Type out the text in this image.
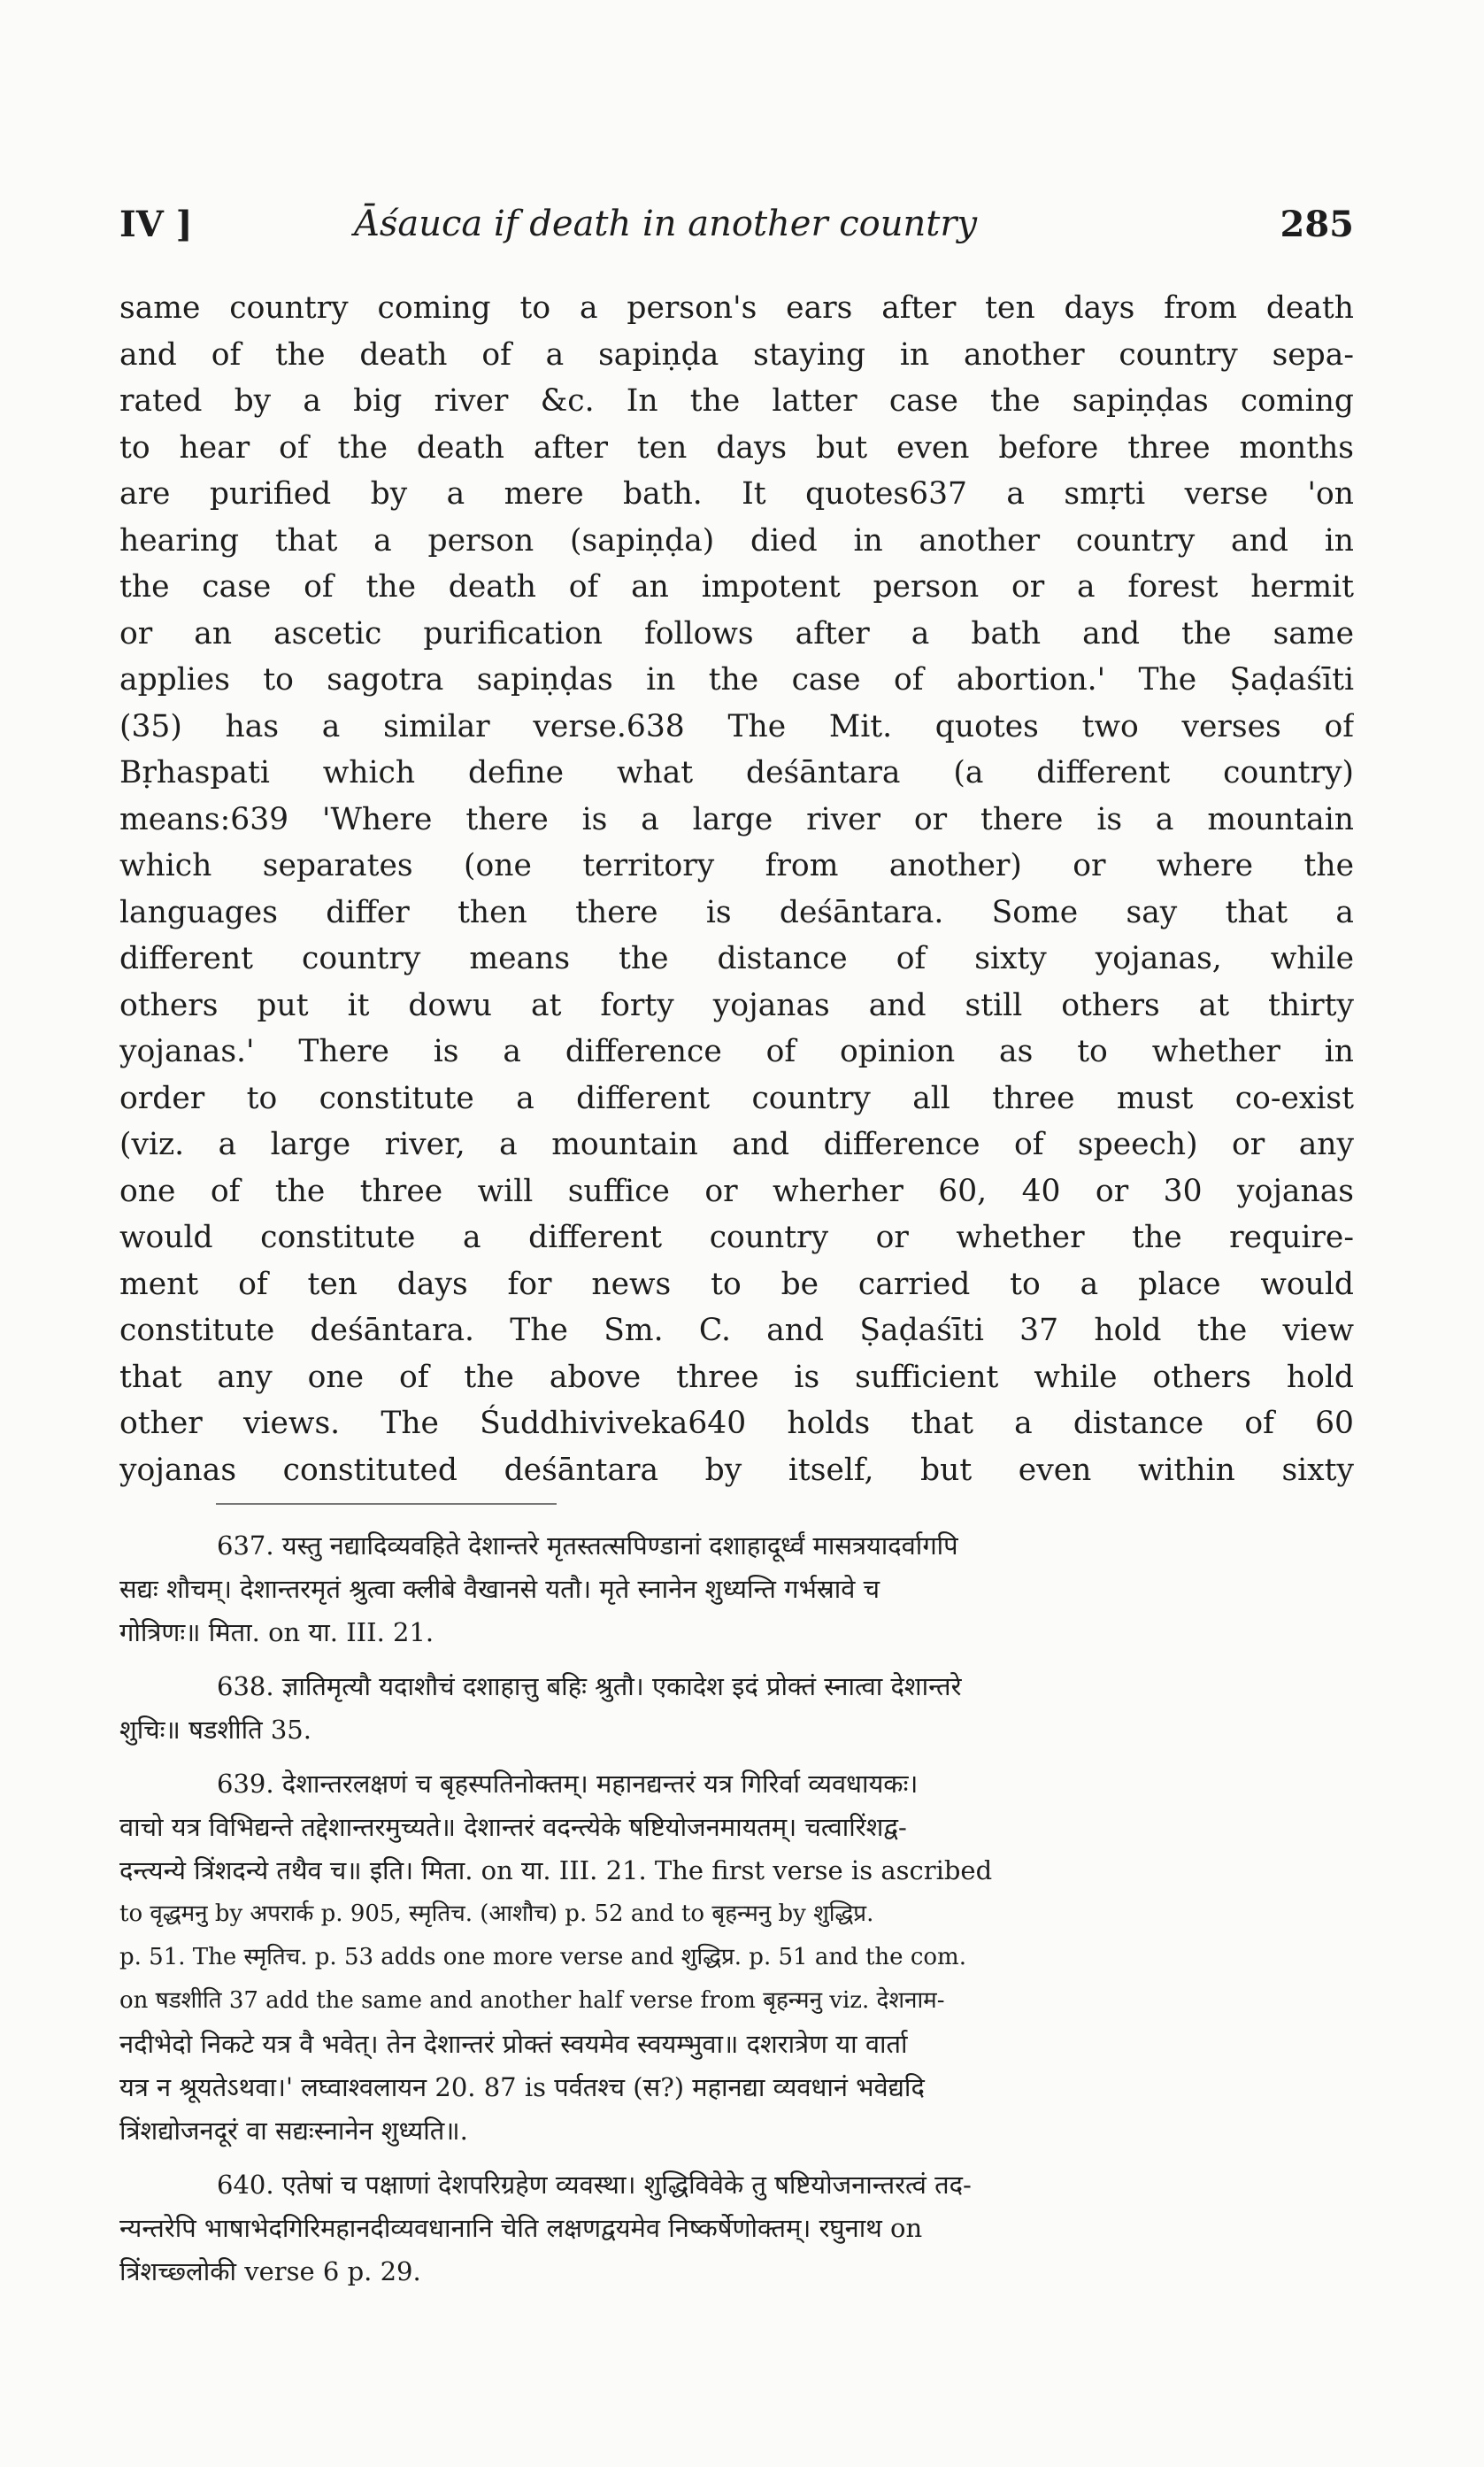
IV ]	Āśauca if death in another country	285
same country coming to a person's ears after ten days from death
and of the death of a sapiṇḍa staying in another country sepa-
rated by a big river &c. In the latter case the sapiṇḍas coming
to hear of the death after ten days but even before three months
are purified by a mere bath. It quotes637 a smṛti verse 'on
hearing that a person (sapiṇḍa) died in another country and in
the case of the death of an impotent person or a forest hermit
or an ascetic purification follows after a bath and the same
applies to sagotra sapiṇḍas in the case of abortion.' The Ṣaḍaśīti
(35) has a similar verse.638 The Mit. quotes two verses of
Bṛhaspati which define what deśāntara (a different country)
means:639 'Where there is a large river or there is a mountain
which separates (one territory from another) or where the
languages differ then there is deśāntara. Some say that a
different country means the distance of sixty yojanas, while
others put it dowu at forty yojanas and still others at thirty
yojanas.' There is a difference of opinion as to whether in
order to constitute a different country all three must co-exist
(viz. a large river, a mountain and difference of speech) or any
one of the three will suffice or wherher 60, 40 or 30 yojanas
would constitute a different country or whether the require-
ment of ten days for news to be carried to a place would
constitute deśāntara. The Sm. C. and Ṣaḍaśīti 37 hold the view
that any one of the above three is sufficient while others hold
other views. The Śuddhiviveka640 holds that a distance of 60
yojanas constituted deśāntara by itself, but even within sixty
637. यस्तु नद्यादिव्यवहिते देशान्तरे मृतस्तत्सपिण्डानां दशाहादूर्ध्वं मासत्रयादर्वागपि
सद्यः शौचम्। देशान्तरमृतं श्रुत्वा क्लीबे वैखानसे यतौ। मृते स्नानेन शुध्यन्ति गर्भस्रावे च
गोत्रिणः॥ मिता. on या. III. 21.
638. ज्ञातिमृत्यौ यदाशौचं दशाहात्तु बहिः श्रुतौ। एकादेश इदं प्रोक्तं स्नात्वा देशान्तरे
शुचिः॥ षडशीति 35.
639. देशान्तरलक्षणं च बृहस्पतिनोक्तम्। महानद्यन्तरं यत्र गिरिर्वा व्यवधायकः।
वाचो यत्र विभिद्यन्ते तद्देशान्तरमुच्यते॥ देशान्तरं वदन्त्येके षष्टियोजनमायतम्। चत्वारिंशद्व-
दन्त्यन्ये त्रिंशदन्ये तथैव च॥ इति। मिता. on या. III. 21. The first verse is ascribed
to वृद्धमनु by अपरार्क p. 905, स्मृतिच. (आशौच) p. 52 and to बृहन्मनु by शुद्धिप्र.
p. 51. The स्मृतिच. p. 53 adds one more verse and शुद्धिप्र. p. 51 and the com.
on षडशीति 37 add the same and another half verse from बृहन्मनु viz. देशनाम-
नदीभेदो निकटे यत्र वै भवेत्। तेन देशान्तरं प्रोक्तं स्वयमेव स्वयम्भुवा॥ दशरात्रेण या वार्ता
यत्र न श्रूयतेऽथवा।' लघ्वाश्वलायन 20. 87 is पर्वतश्च (स?) महानद्या व्यवधानं भवेद्यदि
त्रिंशद्योजनदूरं वा सद्यःस्नानेन शुध्यति॥.
640. एतेषां च पक्षाणां देशपरिग्रहेण व्यवस्था। शुद्धिविवेके तु षष्टियोजनान्तरत्वं तद-
न्यन्तरेपि भाषाभेदगिरिमहानदीव्यवधानानि चेति लक्षणद्वयमेव निष्कर्षेणोक्तम्। रघुनाथ on
त्रिंशच्छ्लोकी verse 6 p. 29.
